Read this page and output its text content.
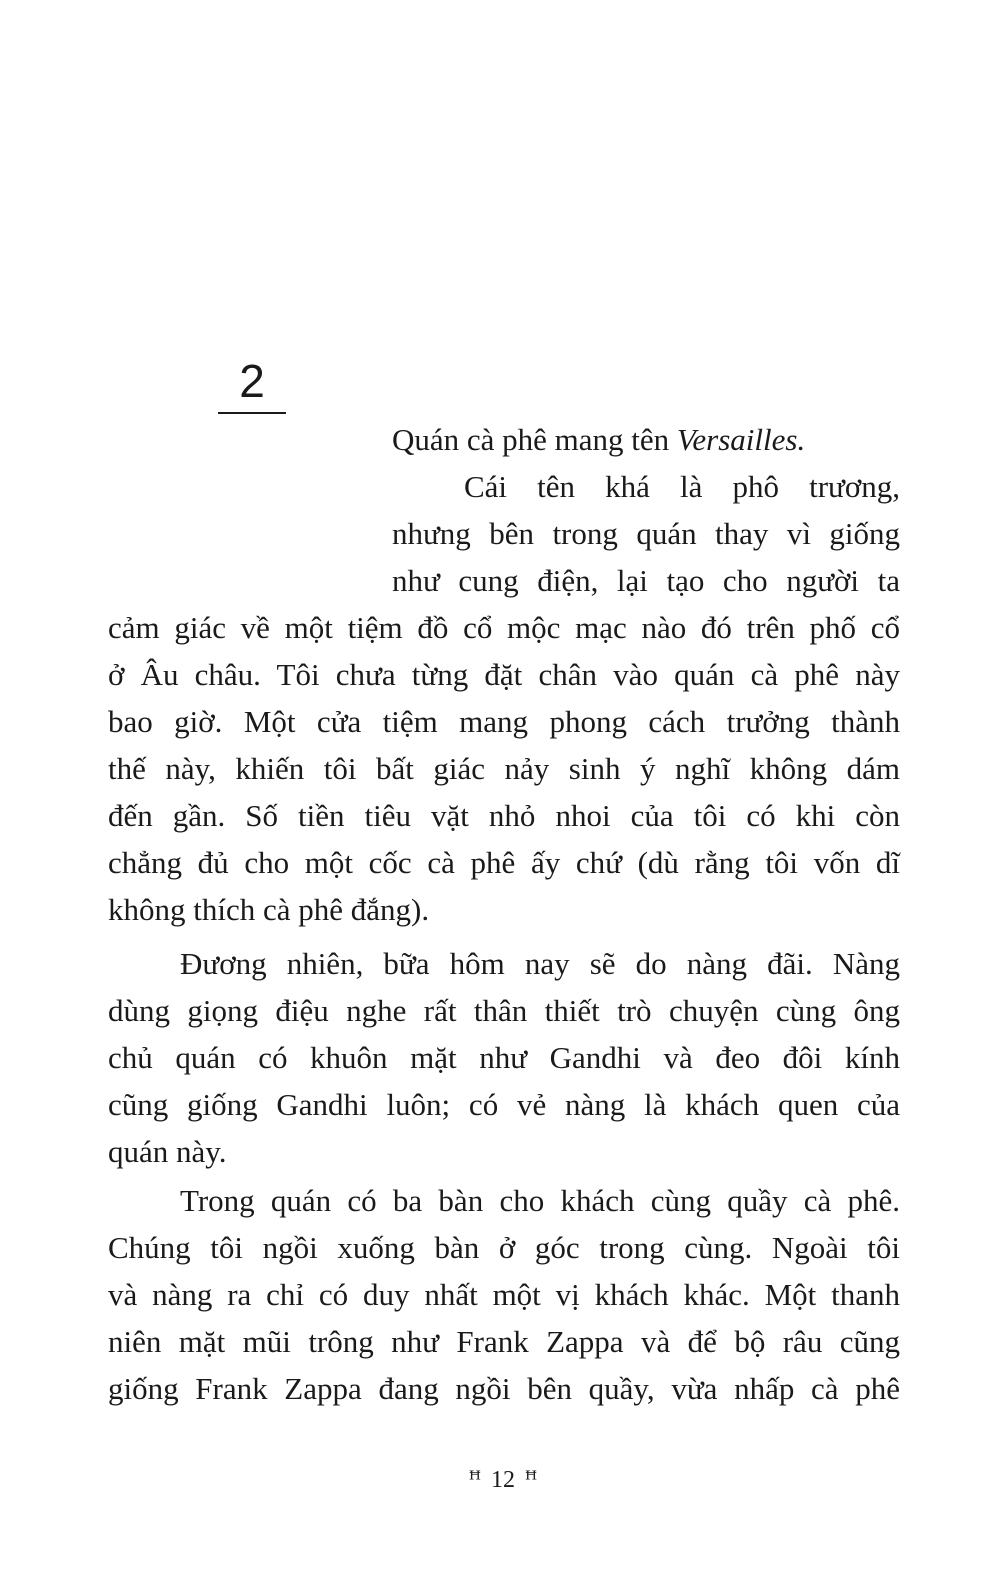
2
Quán cà phê mang tên Versailles.
Cái tên khá là phô trương,
nhưng bên trong quán thay vì giống
như cung điện, lại tạo cho người ta
cảm giác về một tiệm đồ cổ mộc mạc nào đó trên phố cổ
ở Âu châu. Tôi chưa từng đặt chân vào quán cà phê này
bao giờ. Một cửa tiệm mang phong cách trưởng thành
thế này, khiến tôi bất giác nảy sinh ý nghĩ không dám
đến gần. Số tiền tiêu vặt nhỏ nhoi của tôi có khi còn
chẳng đủ cho một cốc cà phê ấy chứ (dù rằng tôi vốn dĩ
không thích cà phê đắng).
Đương nhiên, bữa hôm nay sẽ do nàng đãi. Nàng
dùng giọng điệu nghe rất thân thiết trò chuyện cùng ông
chủ quán có khuôn mặt như Gandhi và đeo đôi kính
cũng giống Gandhi luôn; có vẻ nàng là khách quen của
quán này.
Trong quán có ba bàn cho khách cùng quầy cà phê.
Chúng tôi ngồi xuống bàn ở góc trong cùng. Ngoài tôi
và nàng ra chỉ có duy nhất một vị khách khác. Một thanh
niên mặt mũi trông như Frank Zappa và để bộ râu cũng
giống Frank Zappa đang ngồi bên quầy, vừa nhấp cà phê
ꟸ 12 ꟸ
